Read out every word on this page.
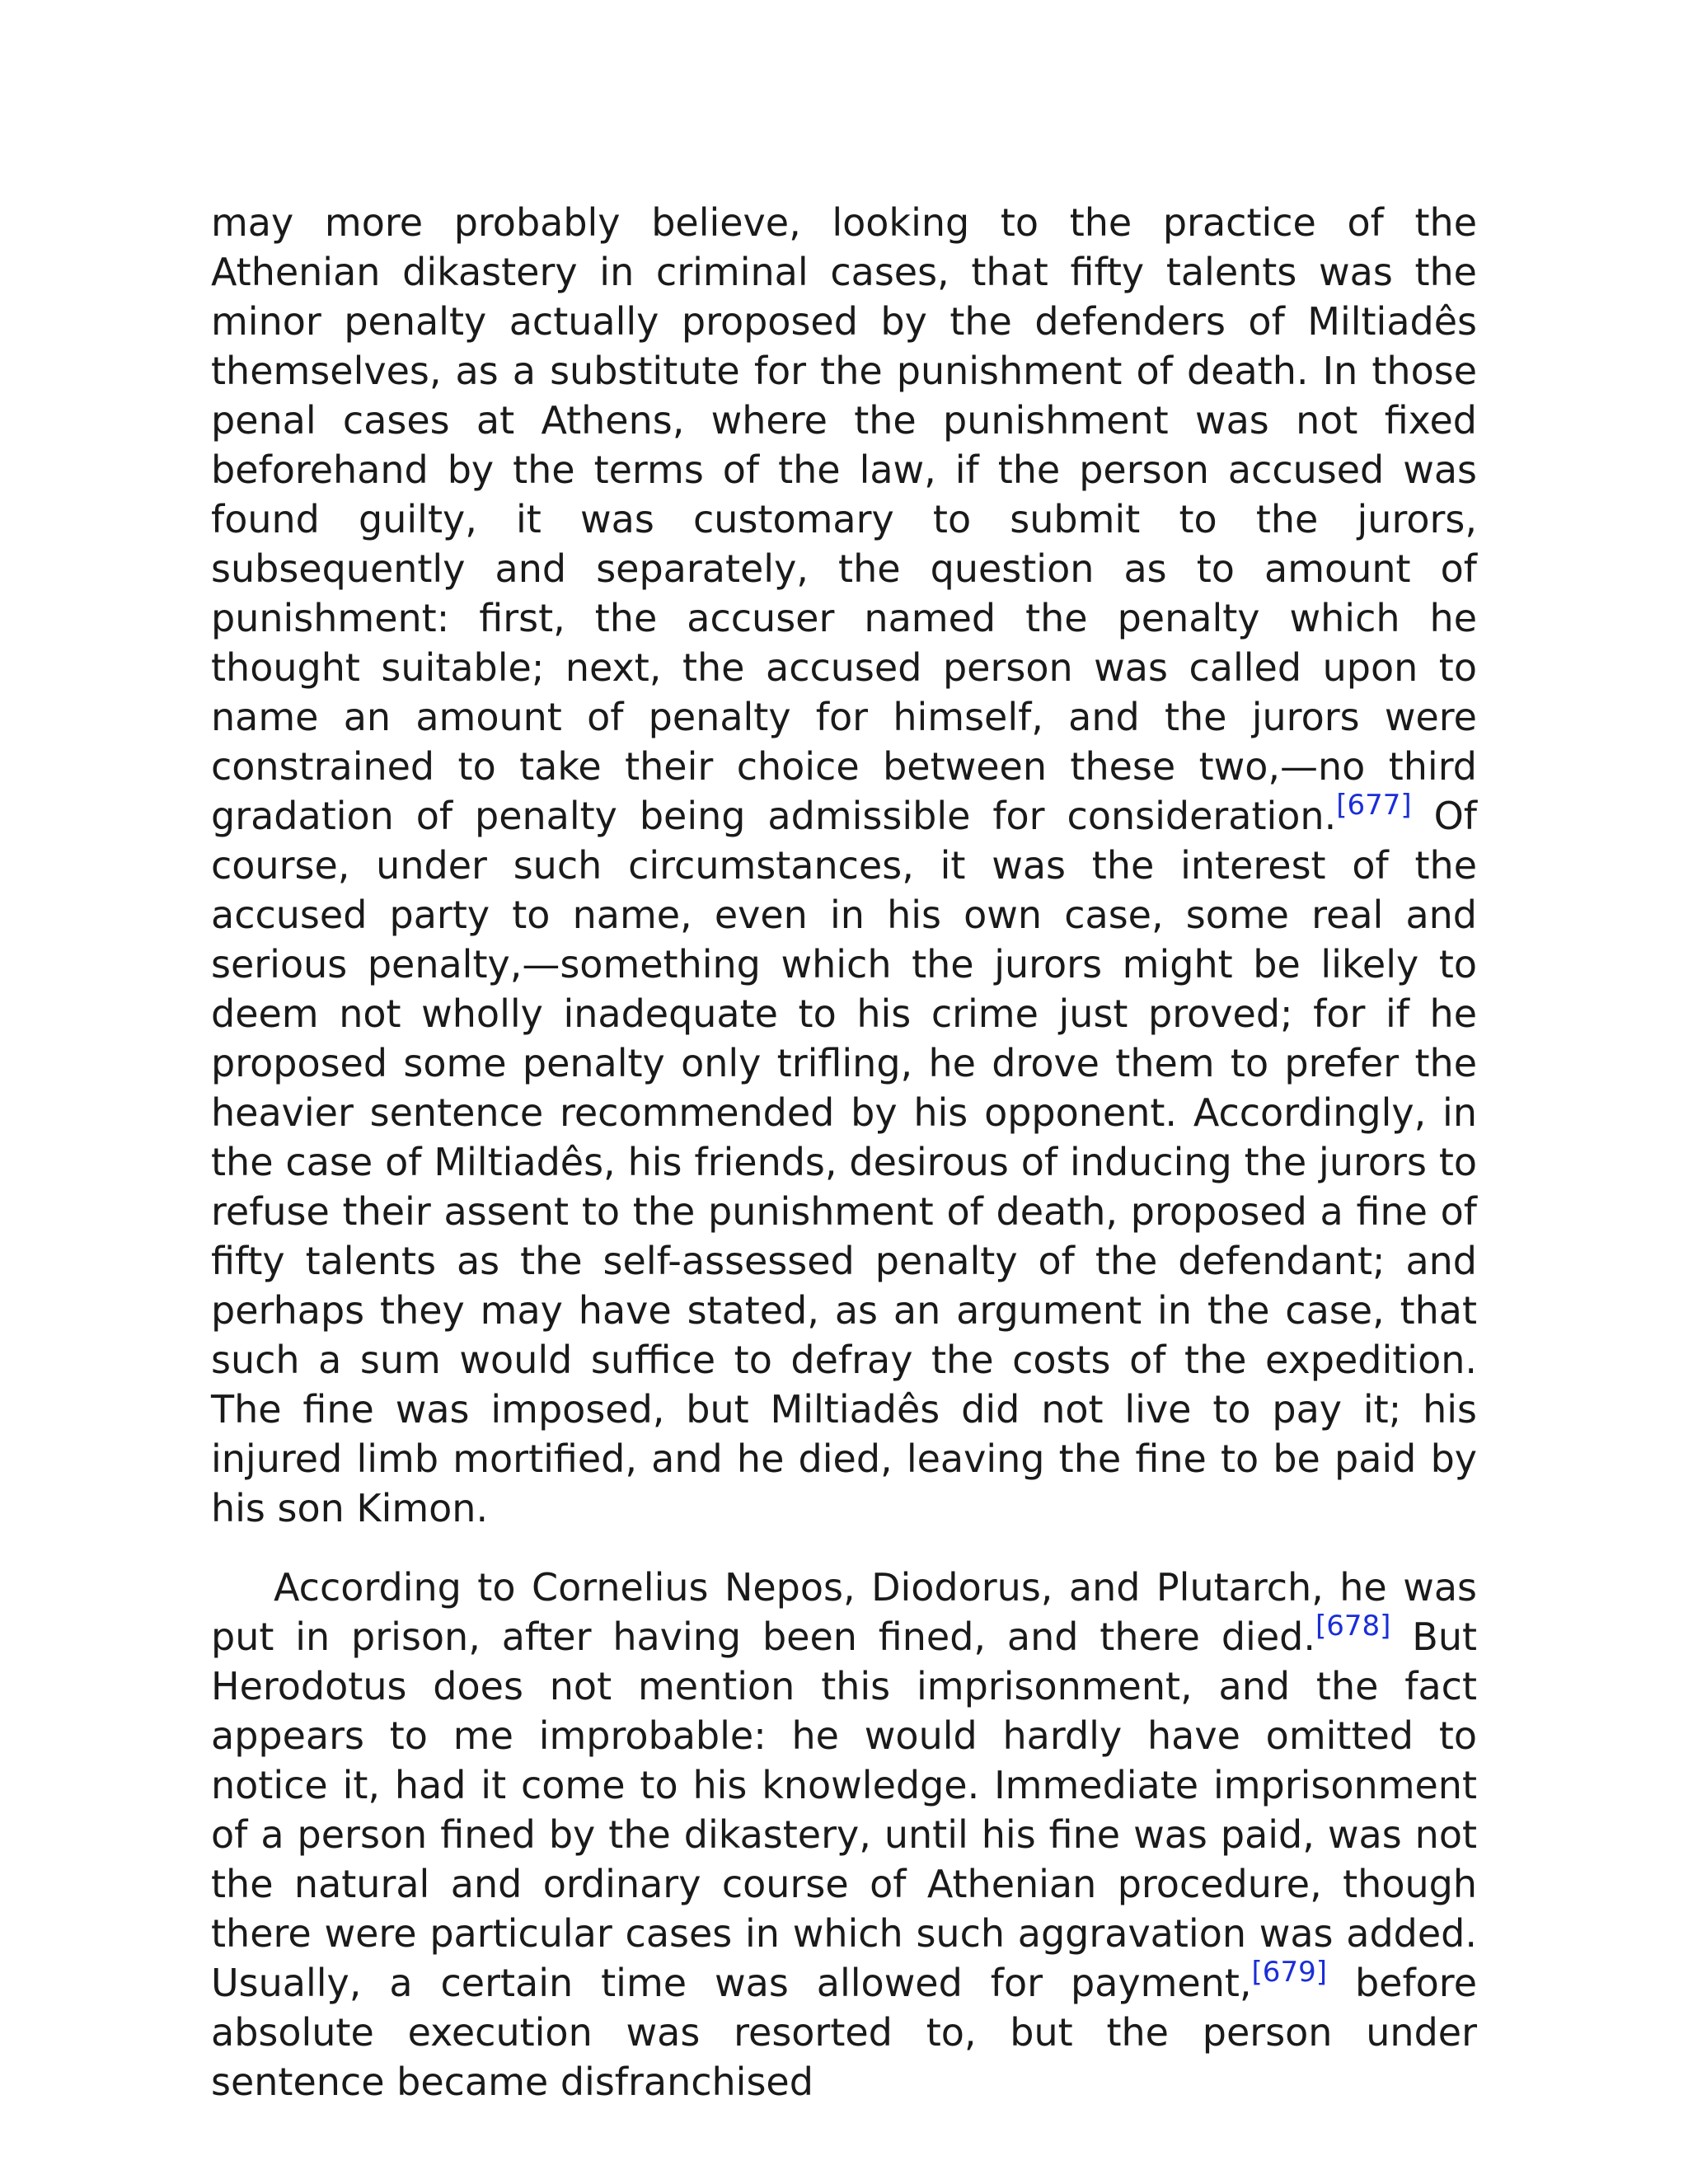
may more probably believe, looking to the practice of the Athenian dikastery in criminal cases, that fifty talents was the minor penalty actually proposed by the defenders of Miltiadês themselves, as a substitute for the punishment of death. In those penal cases at Athens, where the punishment was not fixed beforehand by the terms of the law, if the person accused was found guilty, it was customary to submit to the jurors, subsequently and separately, the question as to amount of punishment: first, the accuser named the penalty which he thought suitable; next, the accused person was called upon to name an amount of penalty for himself, and the jurors were constrained to take their choice between these two,—no third gradation of penalty being admissible for consideration.[677] Of course, under such circumstances, it was the interest of the accused party to name, even in his own case, some real and serious penalty,—something which the jurors might be likely to deem not wholly inadequate to his crime just proved; for if he proposed some penalty only trifling, he drove them to prefer the heavier sentence recommended by his opponent. Accordingly, in the case of Miltiadês, his friends, desirous of inducing the jurors to refuse their assent to the punishment of death, proposed a fine of fifty talents as the self-assessed penalty of the defendant; and perhaps they may have stated, as an argument in the case, that such a sum would suffice to defray the costs of the expedition. The fine was imposed, but Miltiadês did not live to pay it; his injured limb mortified, and he died, leaving the fine to be paid by his son Kimon.

According to Cornelius Nepos, Diodorus, and Plutarch, he was put in prison, after having been fined, and there died.[678] But Herodotus does not mention this imprisonment, and the fact appears to me improbable: he would hardly have omitted to notice it, had it come to his knowledge. Immediate imprisonment of a person fined by the dikastery, until his fine was paid, was not the natural and ordinary course of Athenian procedure, though there were particular cases in which such aggravation was added. Usually, a certain time was allowed for payment,[679] before absolute execution was resorted to, but the person under sentence became disfranchised
